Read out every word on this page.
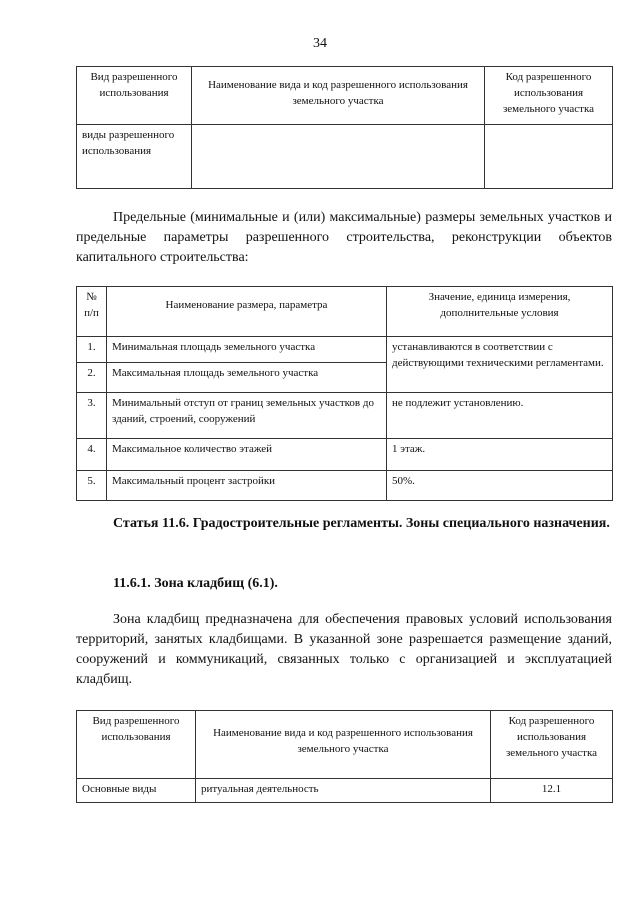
34
Вид разрешенного использования	Наименование вида и код разрешенного использования земельного участка	Код разрешенного использования земельного участка
виды разрешенного использования		
Предельные (минимальные и (или) максимальные) размеры земельных участков и предельные параметры разрешенного строительства, реконструкции объектов капитального строительства:
№ п/п	Наименование размера, параметра	Значение, единица измерения, дополнительные условия
1.	Минимальная площадь земельного участка	устанавливаются в соответствии с действующими техническими регламентами.
2.	Максимальная площадь земельного участка	
3.	Минимальный отступ от границ земельных участков до зданий, строений, сооружений	не подлежит установлению.
4.	Максимальное количество этажей	1 этаж.
5.	Максимальный процент застройки	50%.
Статья 11.6. Градостроительные регламенты. Зоны специального назначения.
11.6.1. Зона кладбищ (6.1).
Зона кладбищ предназначена для обеспечения правовых условий использования территорий, занятых кладбищами. В указанной зоне разрешается размещение зданий, сооружений и коммуникаций, связанных только с организацией и эксплуатацией кладбищ.
Вид разрешенного использования	Наименование вида и код разрешенного использования земельного участка	Код разрешенного использования земельного участка
Основные виды	ритуальная деятельность	12.1
